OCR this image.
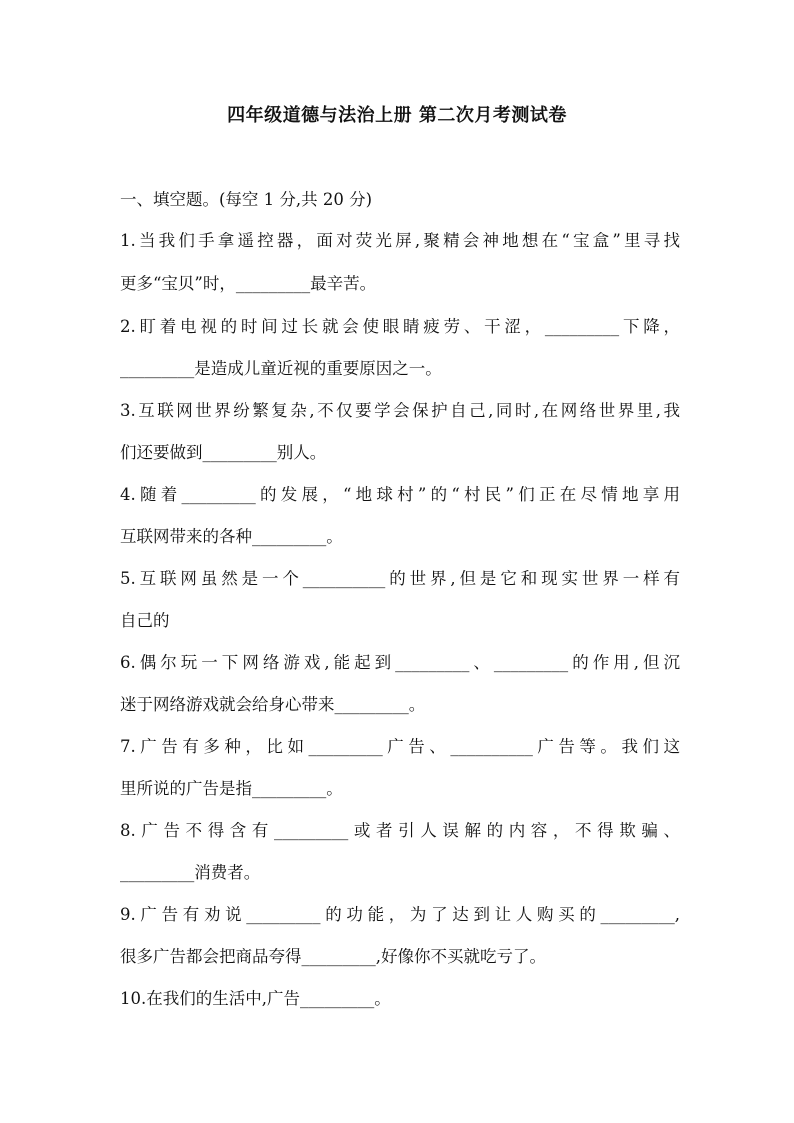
四年级道德与法治上册 第二次月考测试卷
一、填空题。(每空 1 分,共 20 分)
1.当我们手拿遥控器，面对荧光屏,聚精会神地想在“宝盒”里寻找
更多“宝贝”时，_________最辛苦。
2.盯着电视的时间过长就会使眼睛疲劳、干涩，_________下降，
_________是造成儿童近视的重要原因之一。
3.互联网世界纷繁复杂,不仅要学会保护自己,同时,在网络世界里,我
们还要做到_________别人。
4.随着_________的发展，“地球村”的“村民”们正在尽情地享用
互联网带来的各种_________。
5.互联网虽然是一个__________的世界,但是它和现实世界一样有
自己的
6.偶尔玩一下网络游戏,能起到_________、_________的作用,但沉
迷于网络游戏就会给身心带来_________。
7.广告有多种，比如_________广告、__________广告等。我们这
里所说的广告是指_________。
8.广告不得含有_________或者引人误解的内容，不得欺骗、
_________消费者。
9.广告有劝说_________的功能，为了达到让人购买的_________,
很多广告都会把商品夸得_________,好像你不买就吃亏了。
10.在我们的生活中,广告_________。
